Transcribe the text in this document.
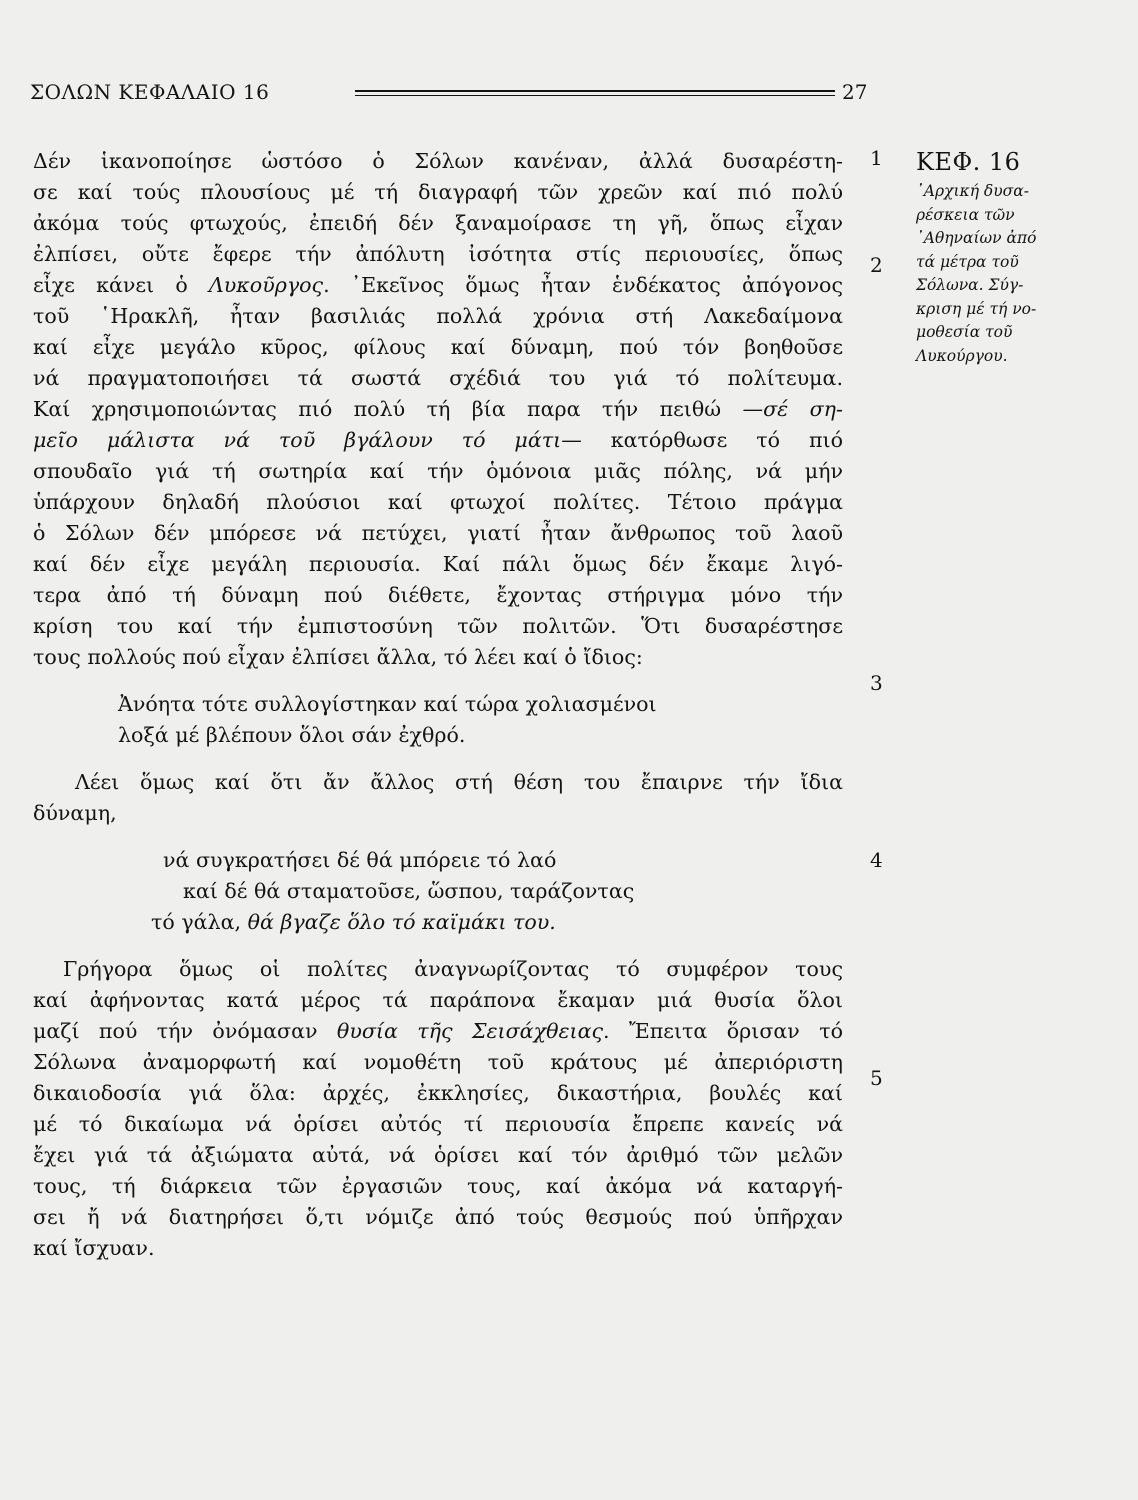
ΣΟΛΩΝ ΚΕΦΑΛΑΙΟ 16	27
1
2
3
4
5
ΚΕΦ. 16
᾿Αρχική δυσα-
ρέσκεια τῶν
᾿Αθηναίων ἀπό
τά μέτρα τοῦ
Σόλωνα. Σύγ-
κριση μέ τή νο-
μοθεσία τοῦ
Λυκούργου.
Δέν ἱκανοποίησε ὡστόσο ὁ Σόλων κανέναν, ἀλλά δυσαρέστη-
σε καί τούς πλουσίους μέ τή διαγραφή τῶν χρεῶν καί πιό πολύ
ἀκόμα τούς φτωχούς, ἐπειδή δέν ξαναμοίρασε τη γῆ, ὅπως εἶχαν
ἐλπίσει, οὔτε ἔφερε τήν ἀπόλυτη ἰσότητα στίς περιουσίες, ὅπως
εἶχε κάνει ὁ Λυκοῦργος. ᾿Εκεῖνος ὅμως ἦταν ἑνδέκατος ἀπόγονος
τοῦ ῾Ηρακλῆ, ἦταν βασιλιάς πολλά χρόνια στή Λακεδαίμονα
καί εἶχε μεγάλο κῦρος, φίλους καί δύναμη, πού τόν βοηθοῦσε
νά πραγματοποιήσει τά σωστά σχέδιά του γιά τό πολίτευμα.
Καί χρησιμοποιώντας πιό πολύ τή βία παρα τήν πειθώ —σέ ση-
μεῖο μάλιστα νά τοῦ βγάλουν τό μάτι— κατόρθωσε τό πιό
σπουδαῖο γιά τή σωτηρία καί τήν ὁμόνοια μιᾶς πόλης, νά μήν
ὑπάρχουν δηλαδή πλούσιοι καί φτωχοί πολίτες. Τέτοιο πράγμα
ὁ Σόλων δέν μπόρεσε νά πετύχει, γιατί ἦταν ἄνθρωπος τοῦ λαοῦ
καί δέν εἶχε μεγάλη περιουσία. Καί πάλι ὅμως δέν ἔκαμε λιγό-
τερα ἀπό τή δύναμη πού διέθετε, ἔχοντας στήριγμα μόνο τήν
κρίση του καί τήν ἐμπιστοσύνη τῶν πολιτῶν. Ὅτι δυσαρέστησε
τους πολλούς πού εἶχαν ἐλπίσει ἄλλα, τό λέει καί ὁ ἴδιος:
Ἀνόητα τότε συλλογίστηκαν καί τώρα χολιασμένοι
λοξά μέ βλέπουν ὅλοι σάν ἐχθρό.
Λέει ὅμως καί ὅτι ἄν ἄλλος στή θέση του ἔπαιρνε τήν ἴδια
δύναμη,
νά συγκρατήσει δέ θά μπόρειε τό λαό
καί δέ θά σταματοῦσε, ὥσπου, ταράζοντας
τό γάλα, θά βγαζε ὅλο τό καϊμάκι του.
Γρήγορα ὅμως οἱ πολίτες ἀναγνωρίζοντας τό συμφέρον τους
καί ἀφήνοντας κατά μέρος τά παράπονα ἔκαμαν μιά θυσία ὅλοι
μαζί πού τήν ὀνόμασαν θυσία τῆς Σεισάχθειας. Ἔπειτα ὅρισαν τό
Σόλωνα ἀναμορφωτή καί νομοθέτη τοῦ κράτους μέ ἀπεριόριστη
δικαιοδοσία γιά ὅλα: ἀρχές, ἐκκλησίες, δικαστήρια, βουλές καί
μέ τό δικαίωμα νά ὁρίσει αὐτός τί περιουσία ἔπρεπε κανείς νά
ἔχει γιά τά ἀξιώματα αὐτά, νά ὁρίσει καί τόν ἀριθμό τῶν μελῶν
τους, τή διάρκεια τῶν ἐργασιῶν τους, καί ἀκόμα νά καταργή-
σει ἤ νά διατηρήσει ὅ,τι νόμιζε ἀπό τούς θεσμούς πού ὑπῆρχαν
καί ἴσχυαν.
